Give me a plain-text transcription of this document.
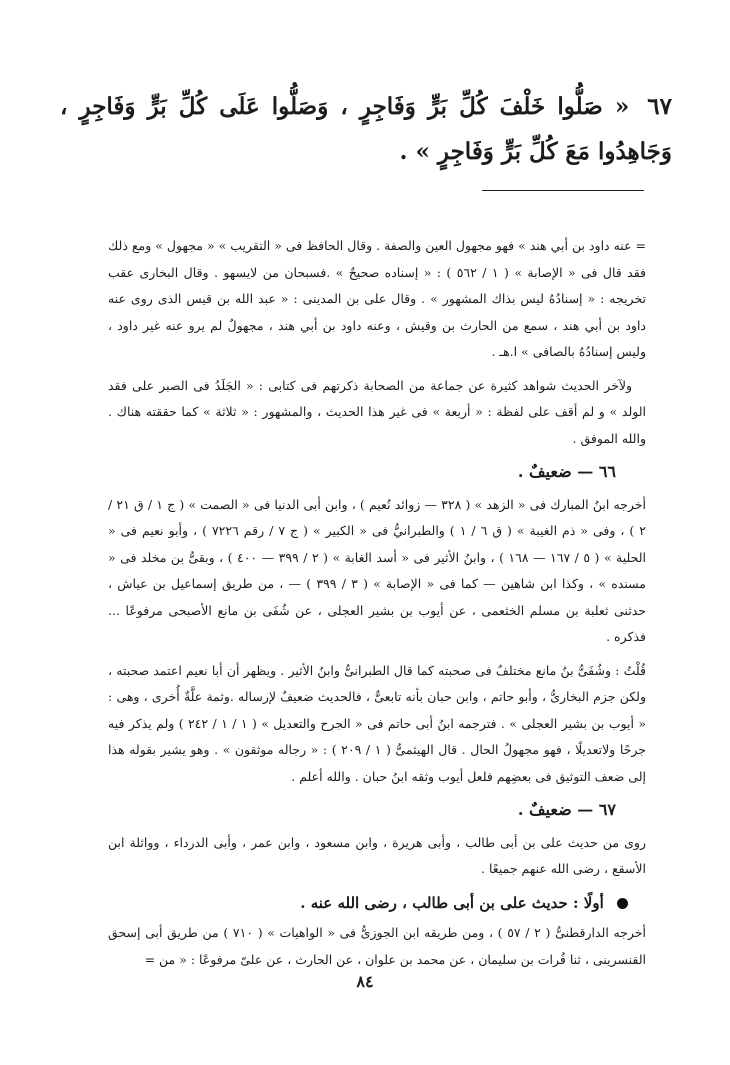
٦٧ « صَلُّوا خَلْفَ كُلِّ بَرٍّ وَفَاجِرٍ ، وَصَلُّوا عَلَى كُلِّ بَرٍّ وَفَاجِرٍ ، وَجَاهِدُوا مَعَ كُلِّ بَرٍّ وَفَاجِرٍ » .

= عنه داود بن أبي هند » فهو مجهول العين والصفة . وقال الحافظ فى « التقريب » « مجهول » ومع ذلك فقد قال فى « الإصابة » ( ١ / ٥٦٢ ) : « إسناده صحيحٌ » .فسبحان من لايسهو . وقال البخارى عقب تخريجه : « إسنادُهُ ليس بذاك المشهور » . وقال على بن المدينى : « عبد الله بن قيس الذى روى عنه داود بن أبي هند ، سمع من الحارث بن وقيش ، وعنه داود بن أبي هند ، مجهولٌ لم يرو عنه غير داود ، وليس إسنادُهُ بالصافى » ا.هـ .

ولآخر الحديث شواهد كثيرة عن جماعة من الصحابة ذكرتهم فى كتابى : « الجَلَدُ فى الصبر على فقد الولد » و لم أقف على لفظة : « أربعة » فى غير هذا الحديث ، والمشهور : « ثلاثة » كما حققته هناك . والله الموفق .

٦٦ — ضعيفٌ .

أخرجه ابنُ المبارك فى « الزهد » ( ٣٢٨ — زوائد نُعيم ) ، وابن أبى الدنيا فى « الصمت » ( ج ١ / ق ٢١ / ٢ ) ، وفى « ذم الغيبة » ( ق ٦ / ١ ) والطبرانيُّ فى « الكبير » ( ج ٧ / رقم ٧٢٢٦ ) ، وأبو نعيم فى « الحلية » ( ٥ / ١٦٧ — ١٦٨ ) ، وابنُ الأثير فى « أسد الغابة » ( ٢ / ٣٩٩ — ٤٠٠ ) ، وبقىُّ بن مخلد فى « مسنده » ، وكذا ابن شاهين — كما فى « الإصابة » ( ٣ / ٣٩٩ ) — ، من طريق إسماعيل بن عياش ، حدثنى ثعلبة بن مسلم الخثعمى ، عن أيوب بن بشير العجلى ، عن شُفَى بن مانع الأصبحى مرفوعًا ... فذكره .

قُلْتُ : وشُفَىُّ بنُ مانع مختلفٌ فى صحبته كما قال الطبرانىُّ وابنُ الأثير . ويظهر أن أبا نعيم اعتمد صحبته ، ولكن جزم البخارىُّ ، وأبو حاتم ، وابن حبان بأنه تابعىٌّ ، فالحديث ضعيفٌ لإرساله .وثمة علَّةٌ أُخرى ، وهى : « أيوب بن بشير العجلى » . فترجمه ابنُ أبى حاتم فى « الجرح والتعديل » ( ١ / ١ / ٢٤٢ ) ولم يذكر فيه جرحًا ولاتعديلًا ، فهو مجهولُ الحال . قال الهيثمىُّ ( ١ / ٢٠٩ ) : « رجاله موثقون » . وهو يشير بقوله هذا إلى ضعف التوثيق فى بعضِهم فلعل أيوب وثقه ابنُ حبان . والله أعلم .

٦٧ — ضعيفٌ .

روى من حديث على بن أبى طالب ، وأبى هريرة ، وابن مسعود ، وابن عمر ، وأبى الدرداء ، وواثلة ابن الأسقع ، رضى الله عنهم جميعًا .

أولًا : حديث على بن أبى طالب ، رضى الله عنه .

أخرجه الدارقطنىُّ ( ٢ / ٥٧ ) ، ومن طريقه ابن الجوزىُّ فى « الواهيات » ( ٧١٠ ) من طريق أبى إسحق القنسرينى ، ثنا فُرات بن سليمان ، عن محمد بن علوان ، عن الحارث ، عن علىّ مرفوعًا : « من =

٨٤
